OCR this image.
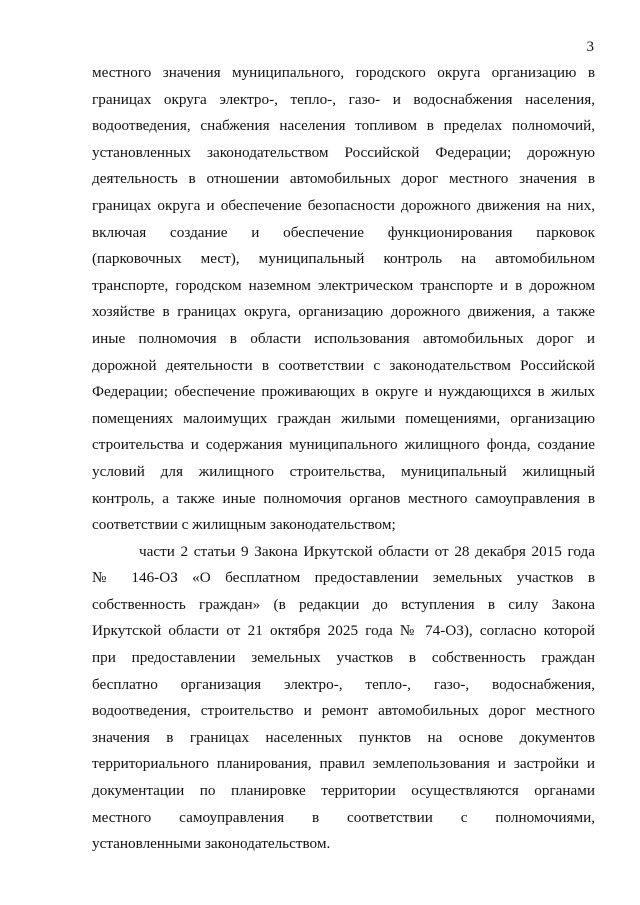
3
местного значения муниципального, городского округа организацию в
границах округа электро-, тепло-, газо- и водоснабжения населения,
водоотведения, снабжения населения топливом в пределах полномочий,
установленных законодательством Российской Федерации; дорожную
деятельность в отношении автомобильных дорог местного значения в
границах округа и обеспечение безопасности дорожного движения на них,
включая создание и обеспечение функционирования парковок
(парковочных мест), муниципальный контроль на автомобильном
транспорте, городском наземном электрическом транспорте и в дорожном
хозяйстве в границах округа, организацию дорожного движения, а также
иные полномочия в области использования автомобильных дорог и
дорожной деятельности в соответствии с законодательством Российской
Федерации; обеспечение проживающих в округе и нуждающихся в жилых
помещениях малоимущих граждан жилыми помещениями, организацию
строительства и содержания муниципального жилищного фонда, создание
условий для жилищного строительства, муниципальный жилищный
контроль, а также иные полномочия органов местного самоуправления в
соответствии с жилищным законодательством;
части 2 статьи 9 Закона Иркутской области от 28 декабря 2015 года
№ 146-ОЗ «О бесплатном предоставлении земельных участков в
собственность граждан» (в редакции до вступления в силу Закона
Иркутской области от 21 октября 2025 года № 74-ОЗ), согласно которой
при предоставлении земельных участков в собственность граждан
бесплатно организация электро-, тепло-, газо-, водоснабжения,
водоотведения, строительство и ремонт автомобильных дорог местного
значения в границах населенных пунктов на основе документов
территориального планирования, правил землепользования и застройки и
документации по планировке территории осуществляются органами
местного самоуправления в соответствии с полномочиями,
установленными законодательством.
